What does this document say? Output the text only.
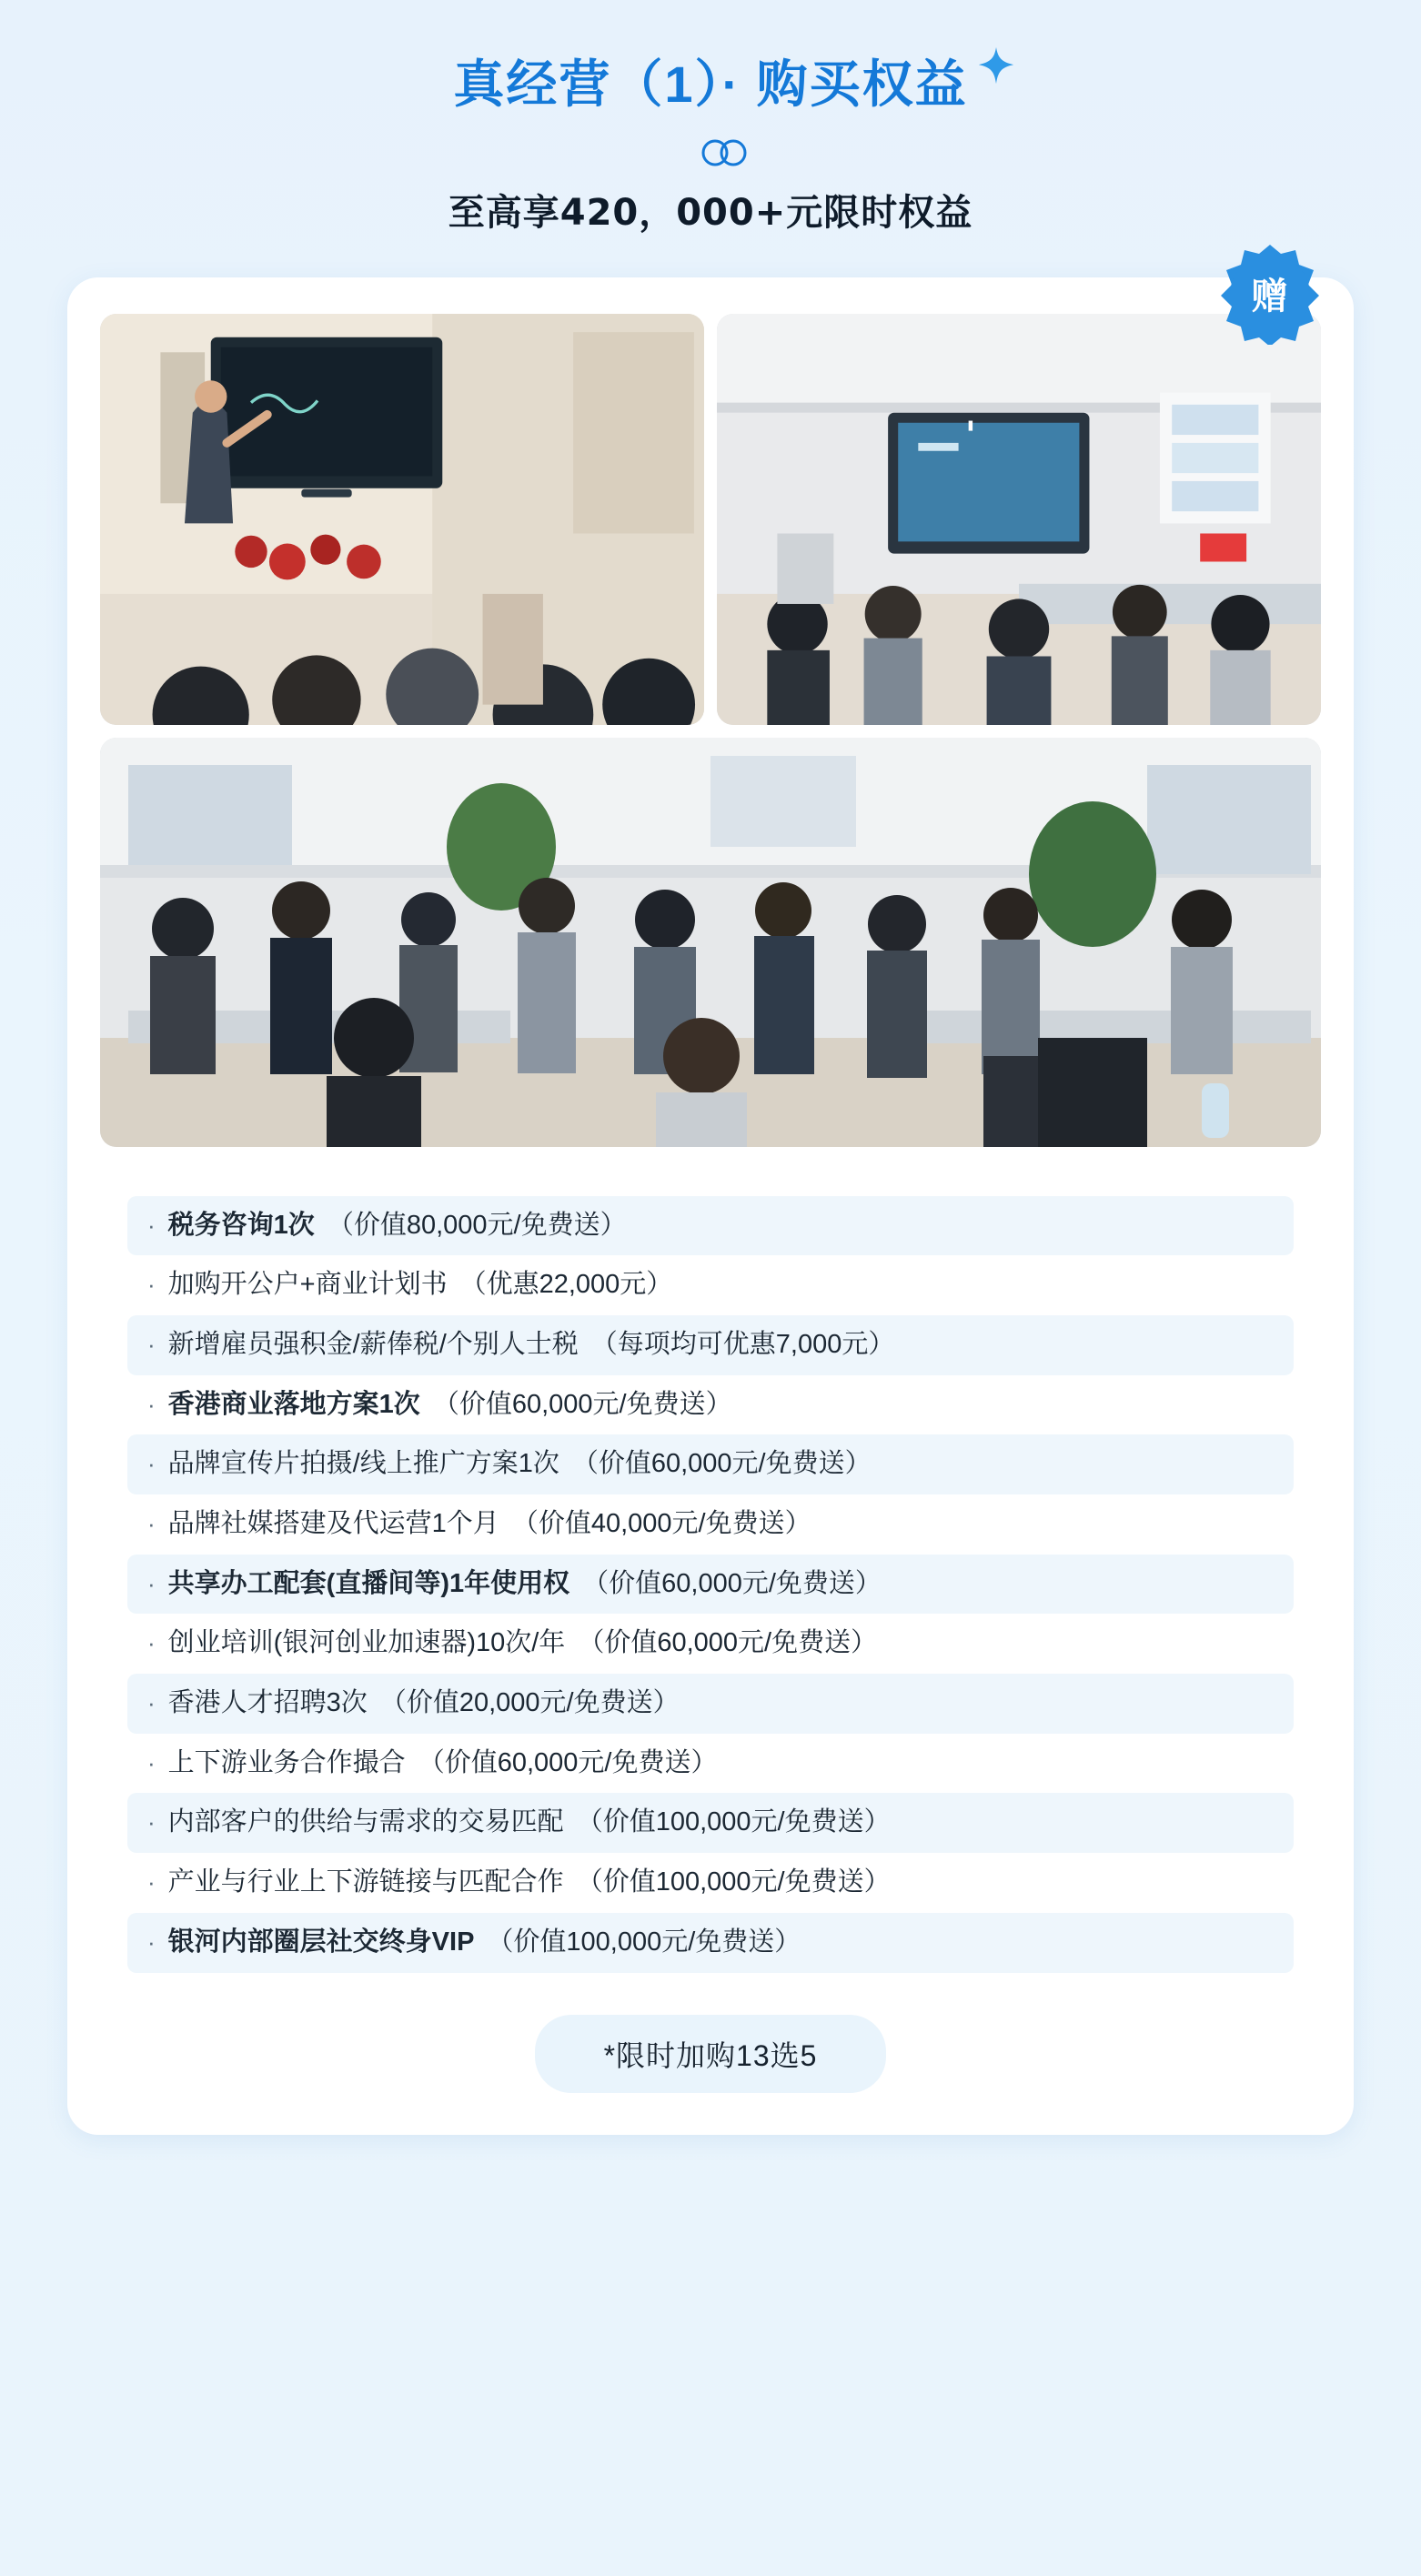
真经营（1）· 购买权益
至高享420，000+元限时权益
赠
· 税务咨询1次 （价值80,000元/免费送）
· 加购开公户+商业计划书 （优惠22,000元）
· 新增雇员强积金/薪俸税/个别人士税 （每项均可优惠7,000元）
· 香港商业落地方案1次 （价值60,000元/免费送）
· 品牌宣传片拍摄/线上推广方案1次 （价值60,000元/免费送）
· 品牌社媒搭建及代运营1个月 （价值40,000元/免费送）
· 共享办工配套(直播间等)1年使用权 （价值60,000元/免费送）
· 创业培训(银河创业加速器)10次/年 （价值60,000元/免费送）
· 香港人才招聘3次 （价值20,000元/免费送）
· 上下游业务合作撮合 （价值60,000元/免费送）
· 内部客户的供给与需求的交易匹配 （价值100,000元/免费送）
· 产业与行业上下游链接与匹配合作 （价值100,000元/免费送）
· 银河内部圈层社交终身VIP （价值100,000元/免费送）
*限时加购13选5
